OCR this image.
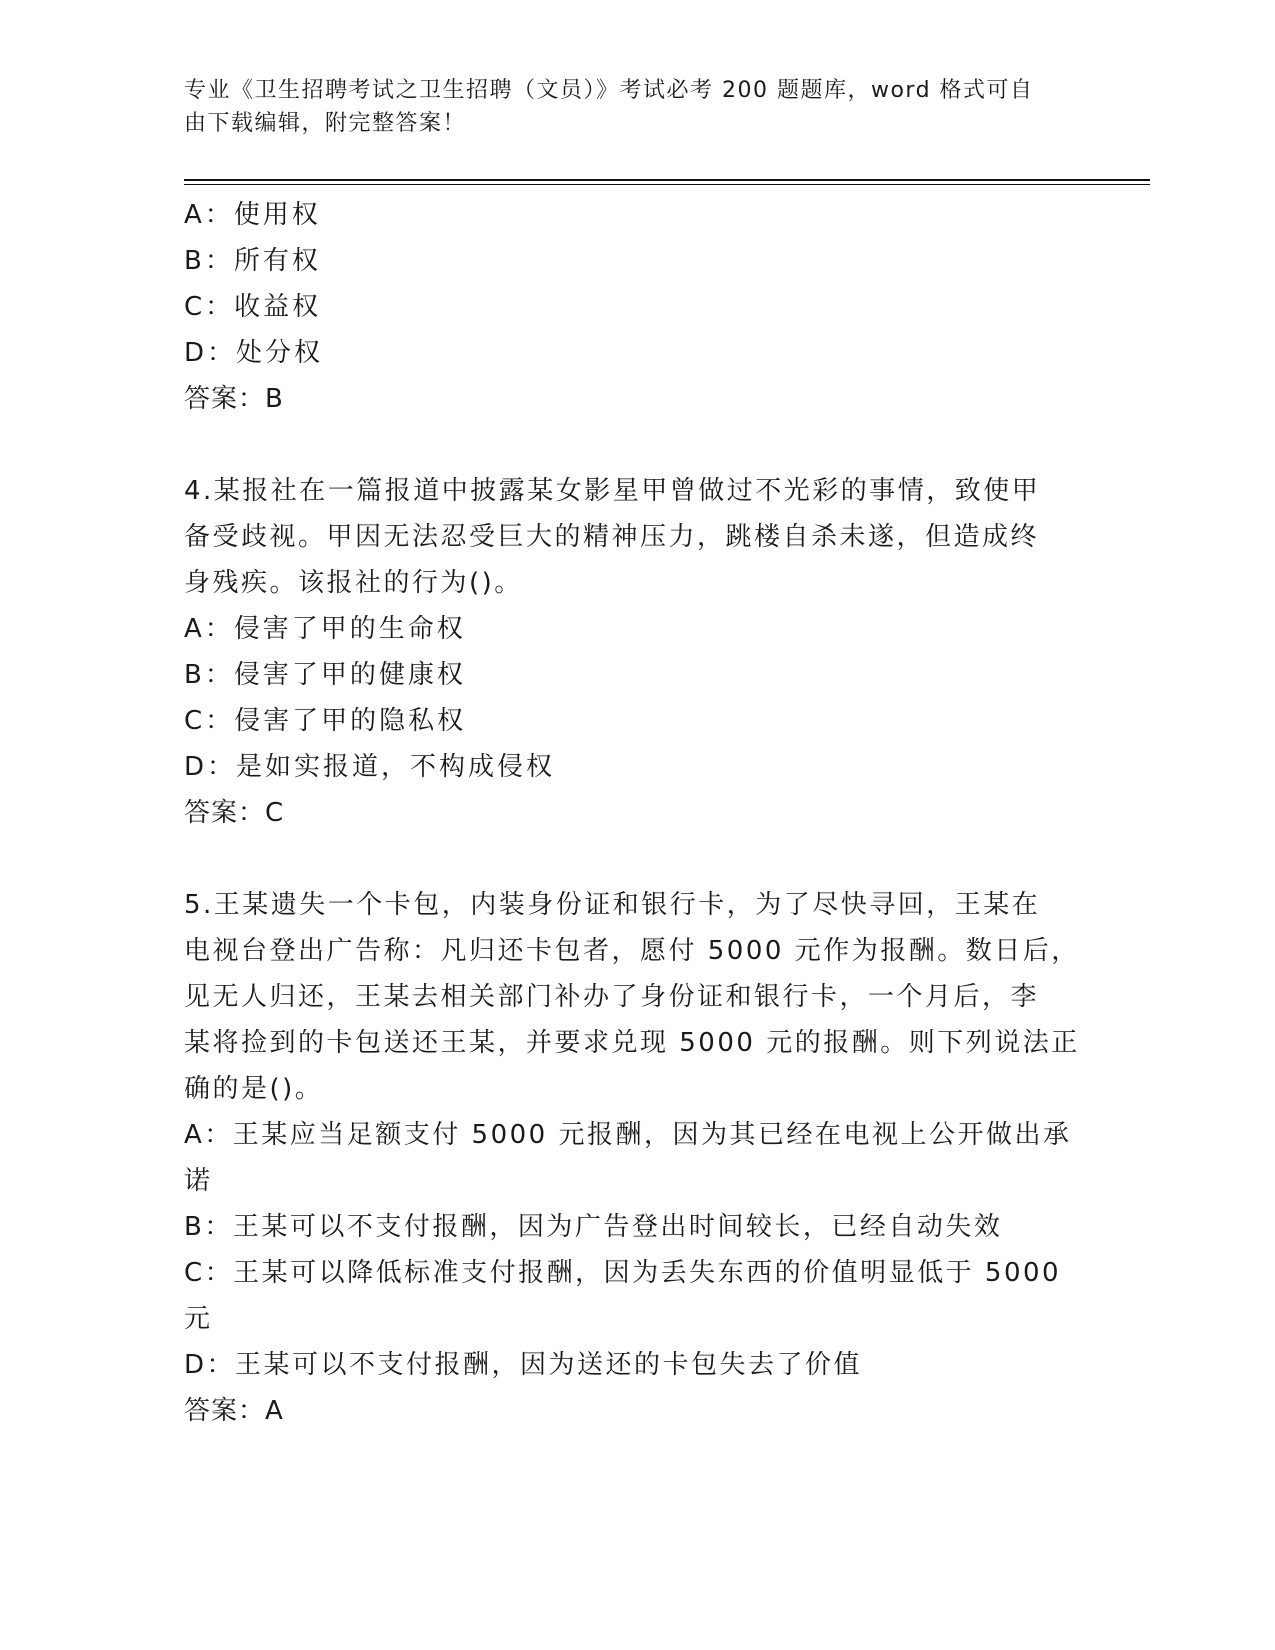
专业《卫生招聘考试之卫生招聘（文员）》考试必考 200 题题库，word 格式可自
由下载编辑，附完整答案！
A：使用权
B：所有权
C：收益权
D：处分权
答案：B
4.某报社在一篇报道中披露某女影星甲曾做过不光彩的事情，致使甲
备受歧视。甲因无法忍受巨大的精神压力，跳楼自杀未遂，但造成终
身残疾。该报社的行为()。
A：侵害了甲的生命权
B：侵害了甲的健康权
C：侵害了甲的隐私权
D：是如实报道，不构成侵权
答案：C
5.王某遗失一个卡包，内装身份证和银行卡，为了尽快寻回，王某在
电视台登出广告称：凡归还卡包者，愿付 5000 元作为报酬。数日后，
见无人归还，王某去相关部门补办了身份证和银行卡，一个月后，李
某将捡到的卡包送还王某，并要求兑现 5000 元的报酬。则下列说法正
确的是()。
A：王某应当足额支付 5000 元报酬，因为其已经在电视上公开做出承
诺
B：王某可以不支付报酬，因为广告登出时间较长，已经自动失效
C：王某可以降低标准支付报酬，因为丢失东西的价值明显低于 5000
元
D：王某可以不支付报酬，因为送还的卡包失去了价值
答案：A
